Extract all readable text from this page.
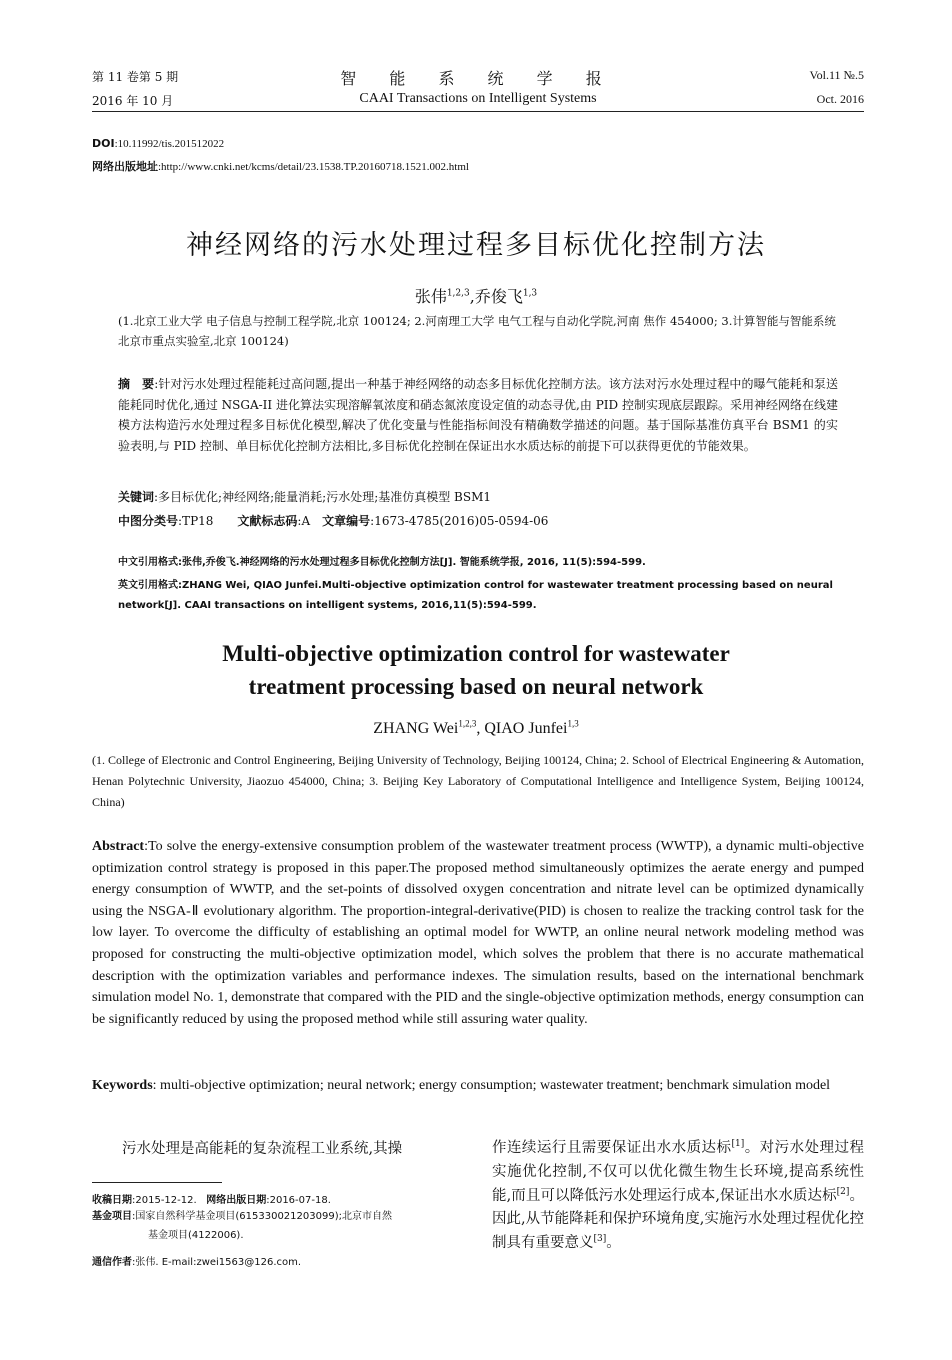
第 11 卷第 5 期	智 能 系 统 学 报	Vol.11 №.5
2016 年 10 月	CAAI Transactions on Intelligent Systems	Oct. 2016
DOI:10.11992/tis.201512022
网络出版地址:http://www.cnki.net/kcms/detail/23.1538.TP.20160718.1521.002.html
神经网络的污水处理过程多目标优化控制方法
张伟$^{1,2,3}$,乔俊飞$^{1,3}$
(1.北京工业大学 电子信息与控制工程学院,北京 100124; 2.河南理工大学 电气工程与自动化学院,河南 焦作 454000; 3.计算智能与智能系统北京市重点实验室,北京 100124)
摘　要:针对污水处理过程能耗过高问题,提出一种基于神经网络的动态多目标优化控制方法。该方法对污水处理过程中的曝气能耗和泵送能耗同时优化,通过 NSGA-II 进化算法实现溶解氧浓度和硝态氮浓度设定值的动态寻优,由 PID 控制实现底层跟踪。采用神经网络在线建模方法构造污水处理过程多目标优化模型,解决了优化变量与性能指标间没有精确数学描述的问题。基于国际基准仿真平台 BSM1 的实验表明,与 PID 控制、单目标优化控制方法相比,多目标优化控制在保证出水水质达标的前提下可以获得更优的节能效果。
关键词:多目标优化;神经网络;能量消耗;污水处理;基准仿真模型 BSM1
中图分类号:TP18   文献标志码:A  文章编号:1673-4785(2016)05-0594-06
中文引用格式:张伟,乔俊飞.神经网络的污水处理过程多目标优化控制方法[J]. 智能系统学报, 2016, 11(5):594-599.
英文引用格式:ZHANG Wei, QIAO Junfei.Multi-objective optimization control for wastewater treatment processing based on neural network[J]. CAAI transactions on intelligent systems, 2016,11(5):594-599.
Multi-objective optimization control for wastewater
treatment processing based on neural network
ZHANG Wei$^{1,2,3}$, QIAO Junfei$^{1,3}$
(1. College of Electronic and Control Engineering, Beijing University of Technology, Beijing 100124, China; 2. School of Electrical Engineering & Automation, Henan Polytechnic University, Jiaozuo 454000, China; 3. Beijing Key Laboratory of Computational Intelligence and Intelligence System, Beijing 100124, China)
Abstract:To solve the energy-extensive consumption problem of the wastewater treatment process (WWTP), a dynamic multi-objective optimization control strategy is proposed in this paper.The proposed method simultaneously optimizes the aerate energy and pumped energy consumption of WWTP, and the set-points of dissolved oxygen concentration and nitrate level can be optimized dynamically using the NSGA-Ⅱ evolutionary algorithm. The proportion-integral-derivative(PID) is chosen to realize the tracking control task for the low layer. To overcome the difficulty of establishing an optimal model for WWTP, an online neural network modeling method was proposed for constructing the multi-objective optimization model, which solves the problem that there is no accurate mathematical description with the optimization variables and performance indexes. The simulation results, based on the international benchmark simulation model No. 1, demonstrate that compared with the PID and the single-objective optimization methods, energy consumption can be significantly reduced by using the proposed method while still assuring water quality.
Keywords: multi-objective optimization; neural network; energy consumption; wastewater treatment; benchmark simulation model
污水处理是高能耗的复杂流程工业系统,其操
收稿日期:2015-12-12. 网络出版日期:2016-07-18.
基金项目:国家自然科学基金项目(61533002​1203099);北京市自然
基金项目(4122006).
通信作者:张伟. E-mail:zwei1563@126.com.
作连续运行且需要保证出水水质达标[1]。对污水处理过程实施优化控制,不仅可以优化微生物生长环境,提高系统性能,而且可以降低污水处理运行成本,保证出水水质达标[2]。因此,从节能降耗和保护环境角度,实施污水处理过程优化控制具有重要意义[3]。
